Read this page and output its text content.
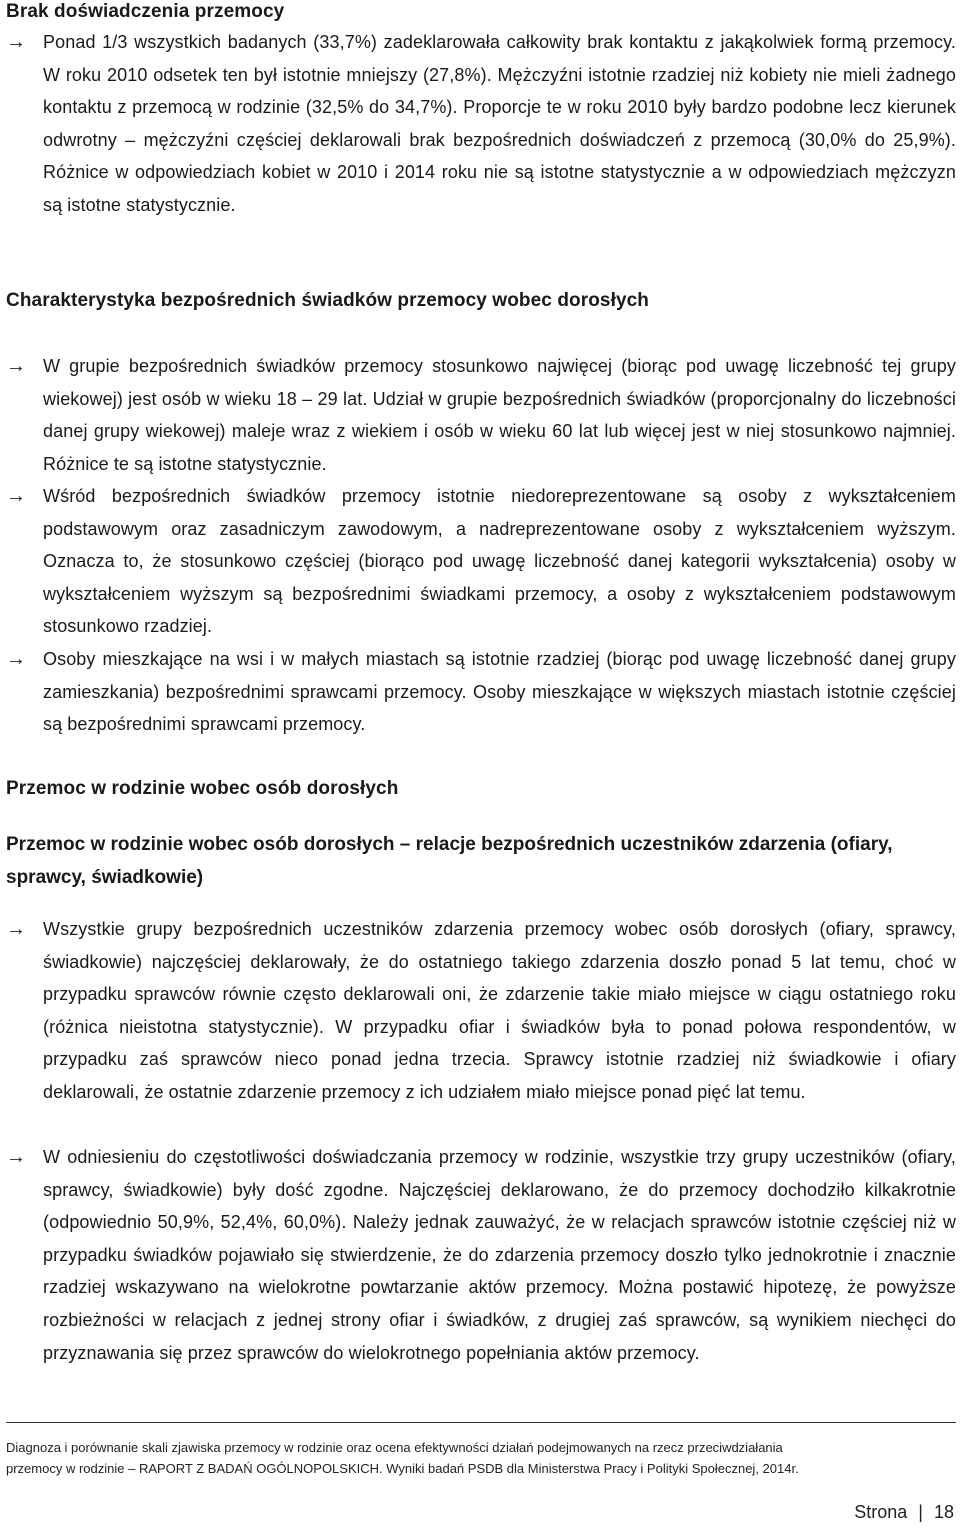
Brak doświadczenia przemocy
→ Ponad 1/3 wszystkich badanych (33,7%) zadeklarowała całkowity brak kontaktu z jakąkolwiek formą przemocy. W roku 2010 odsetek ten był istotnie mniejszy (27,8%). Mężczyźni istotnie rzadziej niż kobiety nie mieli żadnego kontaktu z przemocą w rodzinie (32,5% do 34,7%). Proporcje te w roku 2010 były bardzo podobne lecz kierunek odwrotny – mężczyźni częściej deklarowali brak bezpośrednich doświadczeń z przemocą (30,0% do 25,9%). Różnice w odpowiedziach kobiet w 2010 i 2014 roku nie są istotne statystycznie a w odpowiedziach mężczyzn są istotne statystycznie.
Charakterystyka bezpośrednich świadków przemocy wobec dorosłych
→ W grupie bezpośrednich świadków przemocy stosunkowo najwięcej (biorąc pod uwagę liczebność tej grupy wiekowej) jest osób w wieku 18 – 29 lat. Udział w grupie bezpośrednich świadków (proporcjonalny do liczebności danej grupy wiekowej) maleje wraz z wiekiem i osób w wieku 60 lat lub więcej jest w niej stosunkowo najmniej. Różnice te są istotne statystycznie.
→ Wśród bezpośrednich świadków przemocy istotnie niedoreprezentowane są osoby z wykształceniem podstawowym oraz zasadniczym zawodowym, a nadreprezentowane osoby z wykształceniem wyższym. Oznacza to, że stosunkowo częściej (biorąco pod uwagę liczebność danej kategorii wykształcenia) osoby w wykształceniem wyższym są bezpośrednimi świadkami przemocy, a osoby z wykształceniem podstawowym stosunkowo rzadziej.
→ Osoby mieszkające na wsi i w małych miastach są istotnie rzadziej (biorąc pod uwagę liczebność danej grupy zamieszkania) bezpośrednimi sprawcami przemocy. Osoby mieszkające w większych miastach istotnie częściej są bezpośrednimi sprawcami przemocy.
Przemoc w rodzinie wobec osób dorosłych
Przemoc w rodzinie wobec osób dorosłych – relacje bezpośrednich uczestników zdarzenia (ofiary, sprawcy, świadkowie)
→ Wszystkie grupy bezpośrednich uczestników zdarzenia przemocy wobec osób dorosłych (ofiary, sprawcy, świadkowie) najczęściej deklarowały, że do ostatniego takiego zdarzenia doszło ponad 5 lat temu, choć w przypadku sprawców równie często deklarowali oni, że zdarzenie takie miało miejsce w ciągu ostatniego roku (różnica nieistotna statystycznie). W przypadku ofiar i świadków była to ponad połowa respondentów, w przypadku zaś sprawców nieco ponad jedna trzecia. Sprawcy istotnie rzadziej niż świadkowie i ofiary deklarowali, że ostatnie zdarzenie przemocy z ich udziałem miało miejsce ponad pięć lat temu.
→ W odniesieniu do częstotliwości doświadczania przemocy w rodzinie, wszystkie trzy grupy uczestników (ofiary, sprawcy, świadkowie) były dość zgodne. Najczęściej deklarowano, że do przemocy dochodziło kilkakrotnie (odpowiednio 50,9%, 52,4%, 60,0%). Należy jednak zauważyć, że w relacjach sprawców istotnie częściej niż w przypadku świadków pojawiało się stwierdzenie, że do zdarzenia przemocy doszło tylko jednokrotnie i znacznie rzadziej wskazywano na wielokrotne powtarzanie aktów przemocy. Można postawić hipotezę, że powyższe rozbieżności w relacjach z jednej strony ofiar i świadków, z drugiej zaś sprawców, są wynikiem niechęci do przyznawania się przez sprawców do wielokrotnego popełniania aktów przemocy.
Diagnoza i porównanie skali zjawiska przemocy w rodzinie oraz ocena efektywności działań podejmowanych na rzecz przeciwdziałania
przemocy w rodzinie – RAPORT Z BADAŃ OGÓLNOPOLSKICH. Wyniki badań PSDB dla Ministerstwa Pracy i Polityki Społecznej, 2014r.
Strona | 18
